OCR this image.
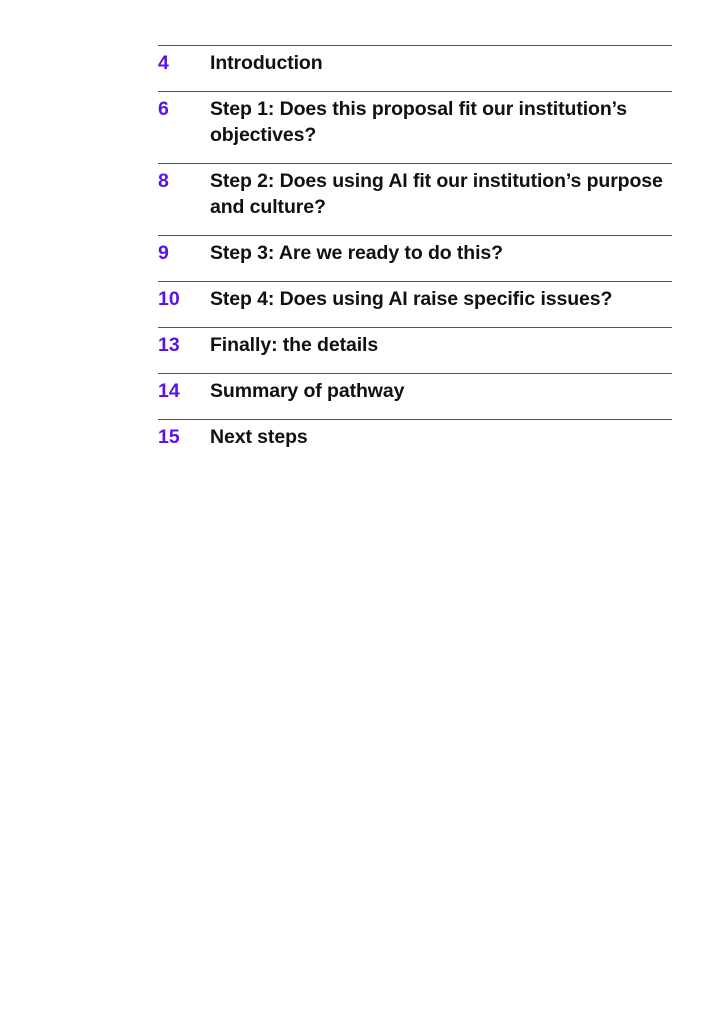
4	Introduction
6	Step 1: Does this proposal fit our institution’s objectives?
8	Step 2: Does using AI fit our institution’s purpose and culture?
9	Step 3: Are we ready to do this?
10	Step 4: Does using AI raise specific issues?
13	Finally: the details
14	Summary of pathway
15	Next steps
